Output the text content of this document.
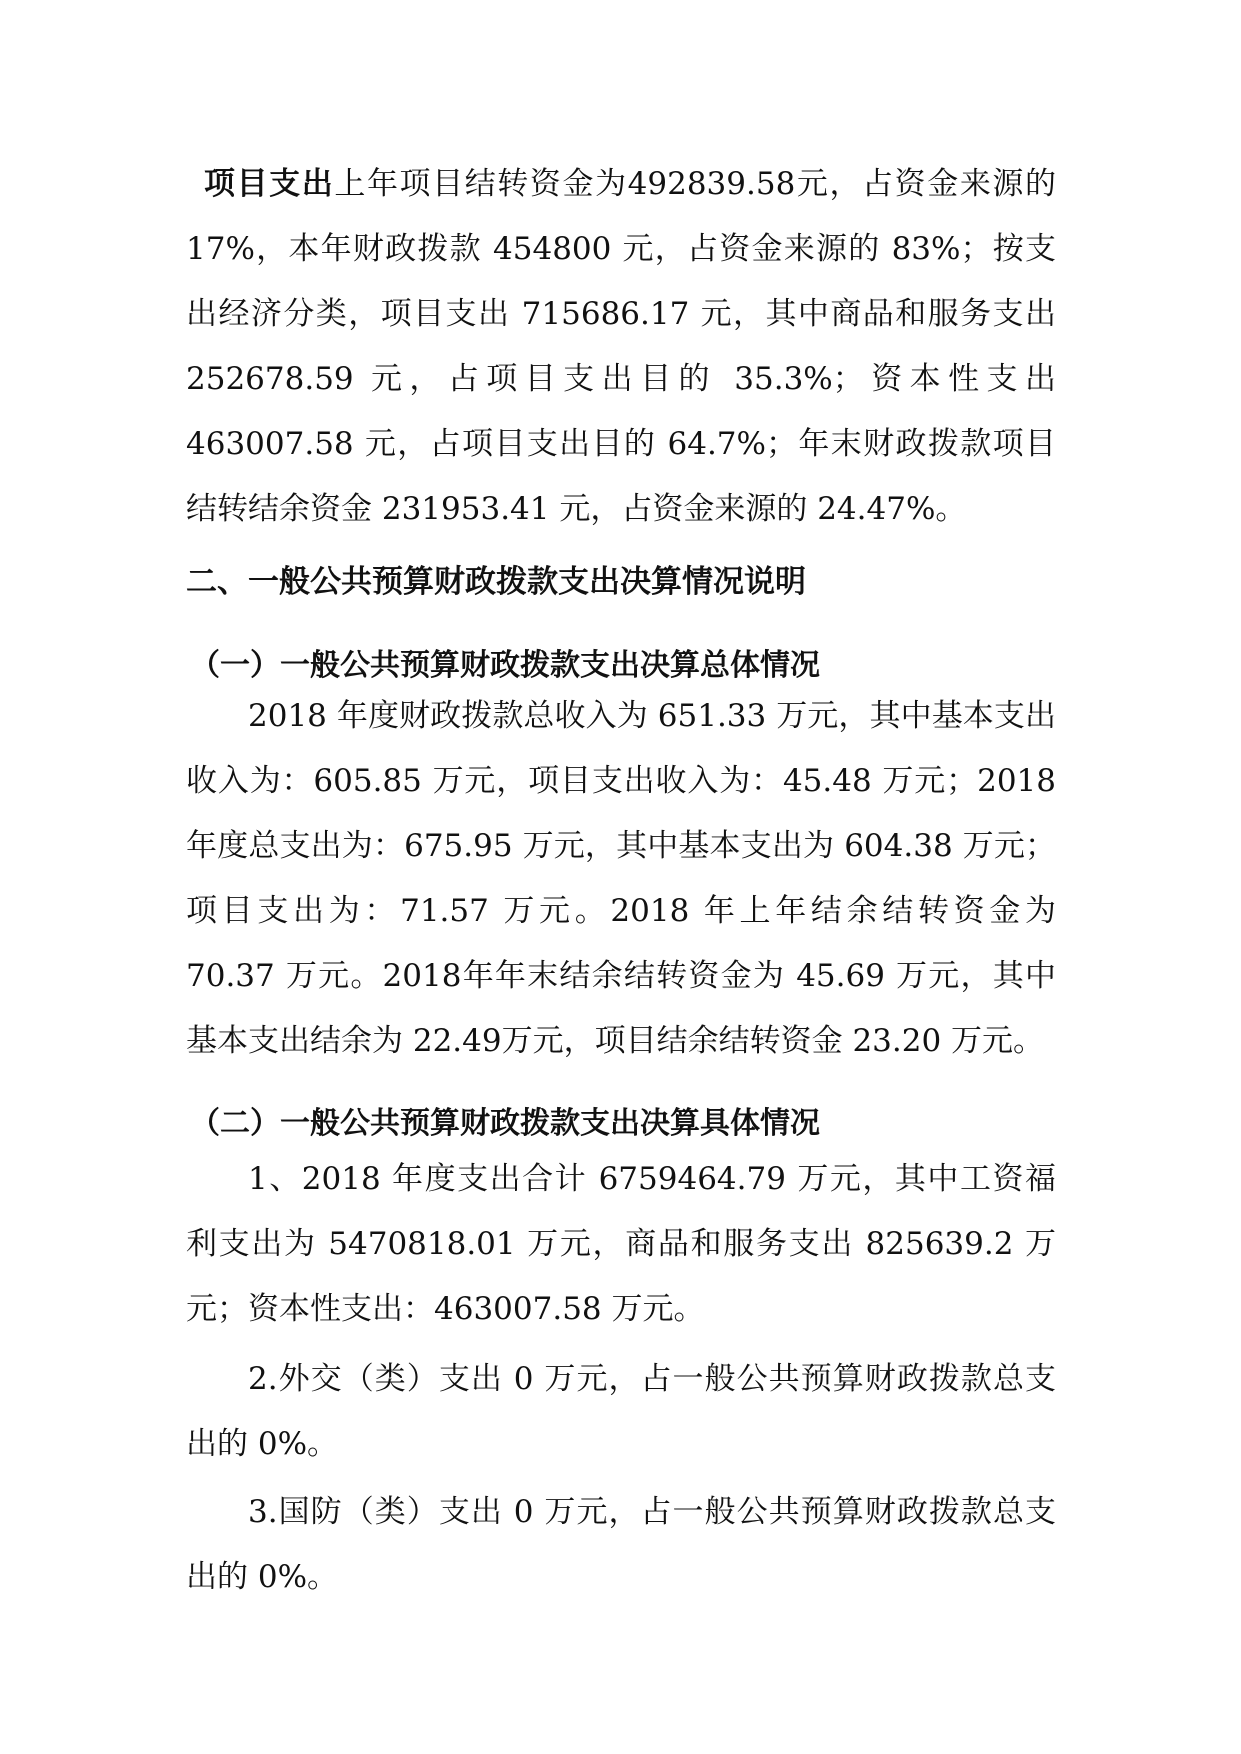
项目支出上年项目结转资金为492839.58元，占资金来源的17%，本年财政拨款 454800 元，占资金来源的 83%；按支出经济分类，项目支出 715686.17 元，其中商品和服务支出 252678.59 元，占项目支出目的 35.3%；资本性支出 463007.58 元，占项目支出目的 64.7%；年末财政拨款项目结转结余资金 231953.41 元，占资金来源的 24.47%。

二、一般公共预算财政拨款支出决算情况说明
（一）一般公共预算财政拨款支出决算总体情况

2018 年度财政拨款总收入为 651.33 万元，其中基本支出收入为：605.85 万元，项目支出收入为：45.48 万元；2018 年度总支出为：675.95 万元，其中基本支出为 604.38 万元；项目支出为：71.57 万元。2018 年上年结余结转资金为 70.37 万元。2018年年末结余结转资金为 45.69 万元，其中基本支出结余为 22.49万元，项目结余结转资金 23.20 万元。

（二）一般公共预算财政拨款支出决算具体情况

1、2018 年度支出合计 6759464.79 万元，其中工资福利支出为 5470818.01 万元，商品和服务支出 825639.2 万元；资本性支出：463007.58 万元。

2.外交（类）支出 0 万元，占一般公共预算财政拨款总支出的 0%。

3.国防（类）支出 0 万元，占一般公共预算财政拨款总支出的 0%。
